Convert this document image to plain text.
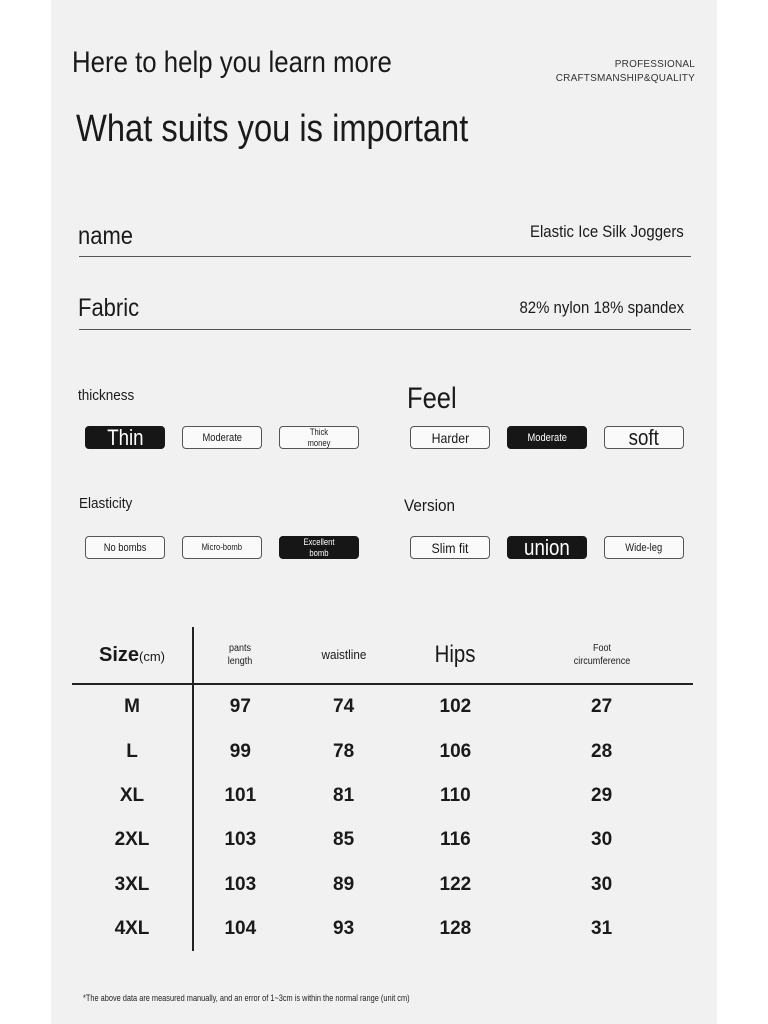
Here to help you learn more
What suits you is important
PROFESSIONAL
CRAFTSMANSHIP&QUALITY
name	Elastic Ice Silk Joggers
Fabric	82% nylon 18% spandex
thickness
Thin	Moderate	Thick money
Feel
Harder	Moderate	soft
Elasticity
No bombs	Micro-bomb
Excellent bomb
Version
Slim fit	union	Wide-leg
Size(cm)	pants length	waistline	Hips	Foot circumference
M	97	74	102	27
L	99	78	106	28
XL	101	81	110	29
2XL	103	85	116	30
3XL	103	89	122	30
4XL	104	93	128	31
*The above data are measured manually, and an error of 1~3cm is within the normal range (unit cm)
